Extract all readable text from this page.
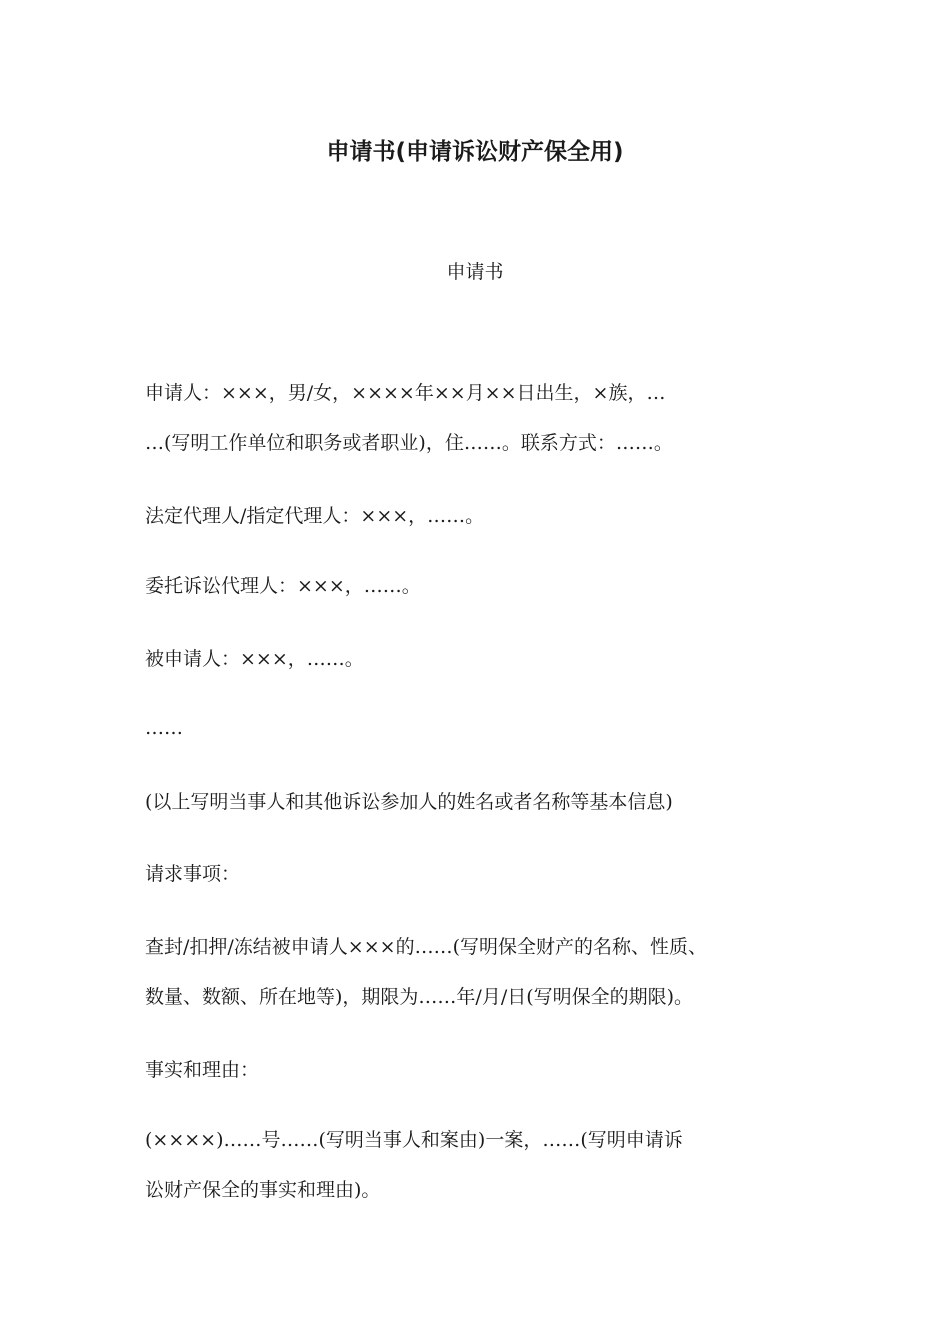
申请书(申请诉讼财产保全用)
申请书
申请人：×××，男/女，××××年××月××日出生，×族，…
…(写明工作单位和职务或者职业)，住……。联系方式：……。
法定代理人/指定代理人：×××，……。
委托诉讼代理人：×××，……。
被申请人：×××，……。
……
(以上写明当事人和其他诉讼参加人的姓名或者名称等基本信息)
请求事项：
查封/扣押/冻结被申请人×××的……(写明保全财产的名称、性质、
数量、数额、所在地等)，期限为……年/月/日(写明保全的期限)。
事实和理由：
(××××)……号……(写明当事人和案由)一案，……(写明申请诉
讼财产保全的事实和理由)。
